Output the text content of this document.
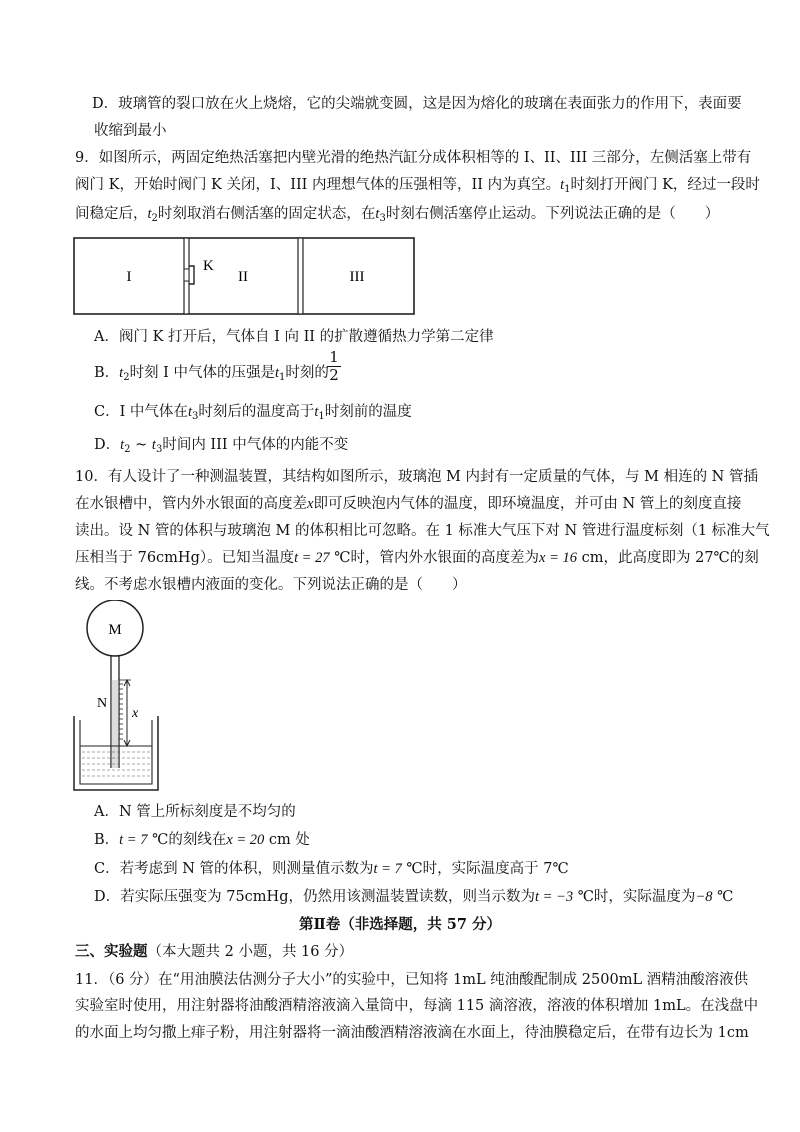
D．玻璃管的裂口放在火上烧熔，它的尖端就变圆，这是因为熔化的玻璃在表面张力的作用下，表面要
收缩到最小
9．如图所示，两固定绝热活塞把内壁光滑的绝热汽缸分成体积相等的 I、II、III 三部分，左侧活塞上带有
阀门 K，开始时阀门 K 关闭，I、III 内理想气体的压强相等，II 内为真空。$t_1$时刻打开阀门 K，经过一段时
间稳定后，$t_2$时刻取消右侧活塞的固定状态，在$t_3$时刻右侧活塞停止运动。下列说法正确的是（　　）
I
K
II	III
A．阀门 K 打开后，气体自 I 向 II 的扩散遵循热力学第二定律
B．$t_2$时刻 I 中气体的压强是$t_1$时刻的
1
2
C．I 中气体在$t_3$时刻后的温度高于$t_1$时刻前的温度
D．$t_2$ ~ $t_3$时间内 III 中气体的内能不变
10．有人设计了一种测温装置，其结构如图所示，玻璃泡 M 内封有一定质量的气体，与 M 相连的 N 管插
在水银槽中，管内外水银面的高度差x即可反映泡内气体的温度，即环境温度，并可由 N 管上的刻度直接
读出。设 N 管的体积与玻璃泡 M 的体积相比可忽略。在 1 标准大气压下对 N 管进行温度标刻（1 标准大气
压相当于 76cmHg）。已知当温度t = 27 ℃时，管内外水银面的高度差为x = 16 cm，此高度即为 27℃的刻
线。不考虑水银槽内液面的变化。下列说法正确的是（　　）
M
N
x
A．N 管上所标刻度是不均匀的
B．t = 7 ℃的刻线在x = 20 cm 处
C．若考虑到 N 管的体积，则测量值示数为t = 7 ℃时，实际温度高于 7℃
D．若实际压强变为 75cmHg，仍然用该测温装置读数，则当示数为t = −3 ℃时，实际温度为−8 ℃
第Ⅱ卷（非选择题，共 57 分）
三、实验题（本大题共 2 小题，共 16 分）
11．（6 分）在“用油膜法估测分子大小”的实验中，已知将 1mL 纯油酸配制成 2500mL 酒精油酸溶液供
实验室时使用，用注射器将油酸酒精溶液滴入量筒中，每滴 115 滴溶液，溶液的体积增加 1mL。在浅盘中
的水面上均匀撒上痱子粉，用注射器将一滴油酸酒精溶液滴在水面上，待油膜稳定后，在带有边长为 1cm
